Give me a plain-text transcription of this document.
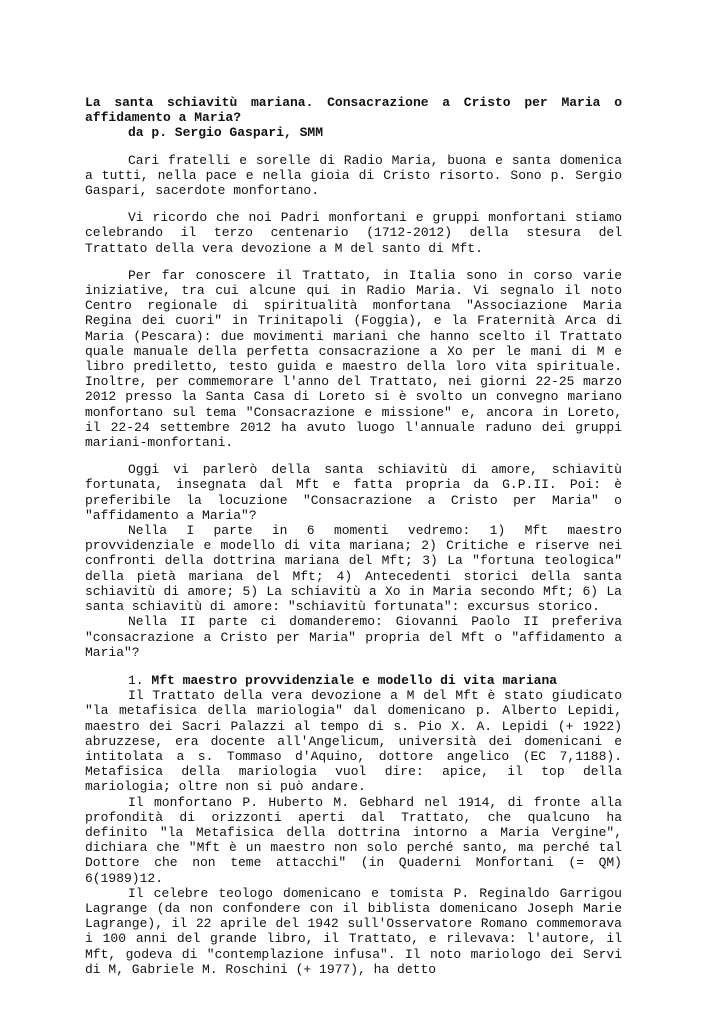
La santa schiavitù mariana. Consacrazione a Cristo per Maria o affidamento a Maria?

da p. Sergio Gaspari, SMM

Cari fratelli e sorelle di Radio Maria, buona e santa domenica a tutti, nella pace e nella gioia di Cristo risorto. Sono p. Sergio Gaspari, sacerdote monfortano.

Vi ricordo che noi Padri monfortani e gruppi monfortani stiamo celebrando il terzo centenario (1712-2012) della stesura del Trattato della vera devozione a M del santo di Mft.

Per far conoscere il Trattato, in Italia sono in corso varie iniziative, tra cui alcune qui in Radio Maria. Vi segnalo il noto Centro regionale di spiritualità monfortana "Associazione Maria Regina dei cuori" in Trinitapoli (Foggia), e la Fraternità Arca di Maria (Pescara): due movimenti mariani che hanno scelto il Trattato quale manuale della perfetta consacrazione a Xo per le mani di M e libro prediletto, testo guida e maestro della loro vita spirituale. Inoltre, per commemorare l'anno del Trattato, nei giorni 22-25 marzo 2012 presso la Santa Casa di Loreto si è svolto un convegno mariano monfortano sul tema "Consacrazione e missione" e, ancora in Loreto, il 22-24 settembre 2012 ha avuto luogo l'annuale raduno dei gruppi mariani-monfortani.

Oggi vi parlerò della santa schiavitù di amore, schiavitù fortunata, insegnata dal Mft e fatta propria da G.P.II. Poi: è preferibile la locuzione "Consacrazione a Cristo per Maria" o "affidamento a Maria"?

Nella I parte in 6 momenti vedremo: 1) Mft maestro provvidenziale e modello di vita mariana; 2) Critiche e riserve nei confronti della dottrina mariana del Mft; 3) La "fortuna teologica" della pietà mariana del Mft; 4) Antecedenti storici della santa schiavitù di amore; 5) La schiavitù a Xo in Maria secondo Mft; 6) La santa schiavitù di amore: "schiavitù fortunata": excursus storico.

Nella II parte ci domanderemo: Giovanni Paolo II preferiva "consacrazione a Cristo per Maria" propria del Mft o "affidamento a Maria"?

1. Mft maestro provvidenziale e modello di vita mariana

Il Trattato della vera devozione a M del Mft è stato giudicato "la metafisica della mariologia" dal domenicano p. Alberto Lepidi, maestro dei Sacri Palazzi al tempo di s. Pio X. A. Lepidi (+ 1922) abruzzese, era docente all'Angelicum, università dei domenicani e intitolata a s. Tommaso d'Aquino, dottore angelico (EC 7,1188). Metafisica della mariologia vuol dire: apice, il top della mariologia; oltre non si può andare.

Il monfortano P. Huberto M. Gebhard nel 1914, di fronte alla profondità di orizzonti aperti dal Trattato, che qualcuno ha definito "la Metafisica della dottrina intorno a Maria Vergine", dichiara che "Mft è un maestro non solo perché santo, ma perché tal Dottore che non teme attacchi" (in Quaderni Monfortani (= QM) 6(1989)12.

Il celebre teologo domenicano e tomista P. Reginaldo Garrigou Lagrange (da non confondere con il biblista domenicano Joseph Marie Lagrange), il 22 aprile del 1942 sull'Osservatore Romano commemorava i 100 anni del grande libro, il Trattato, e rilevava: l'autore, il Mft, godeva di "contemplazione infusa". Il noto mariologo dei Servi di M, Gabriele M. Roschini (+ 1977), ha detto
